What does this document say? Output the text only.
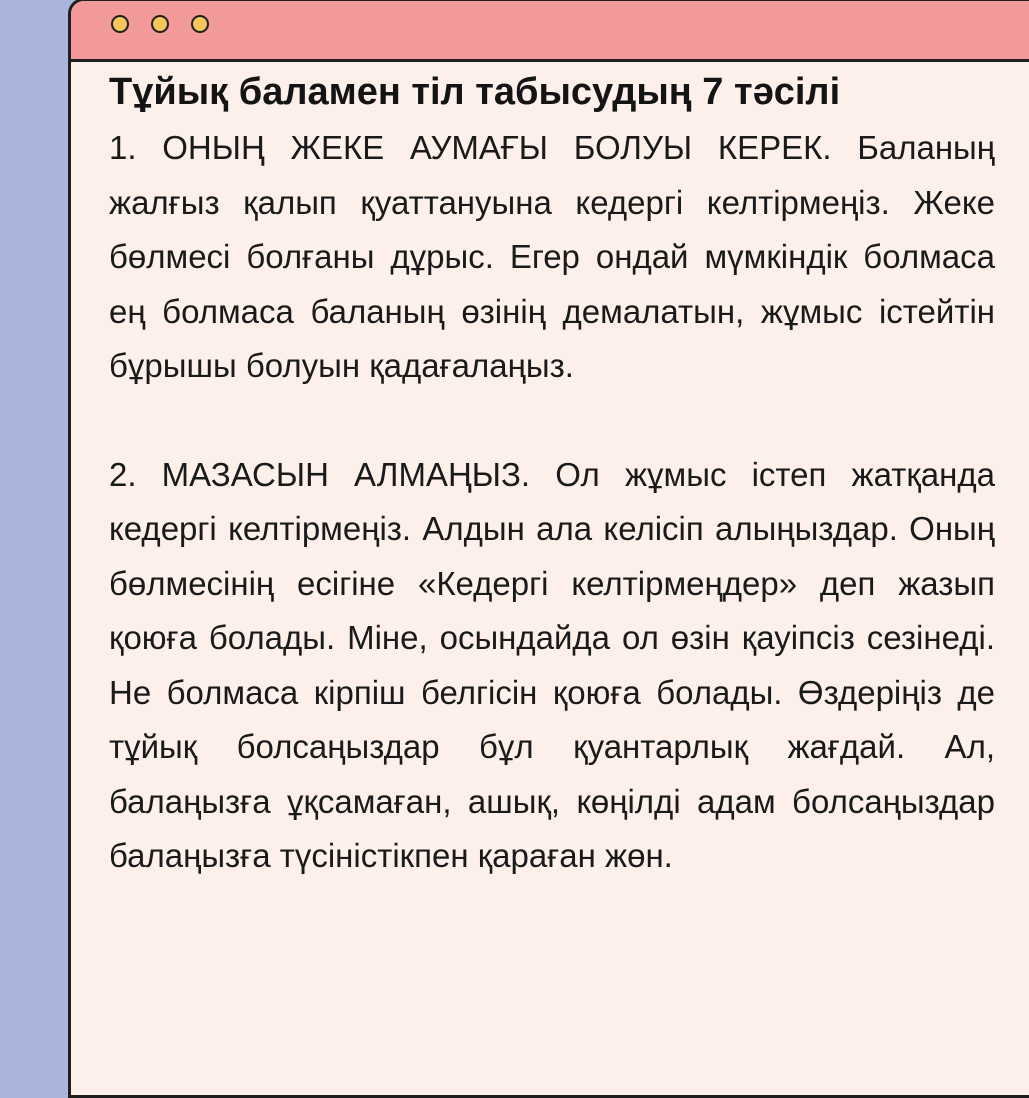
Тұйық баламен тіл табысудың 7 тәсілі

1. ОНЫҢ ЖЕКЕ АУМАҒЫ БОЛУЫ КЕРЕК. Баланың жалғыз қалып қуаттануына кедергі келтірмеңіз. Жеке бөлмесі болғаны дұрыс. Егер ондай мүмкіндік болмаса ең болмаса баланың өзінің демалатын, жұмыс істейтін бұрышы болуын қадағалаңыз.

2. МАЗАСЫН АЛМАҢЫЗ. Ол жұмыс істеп жатқанда кедергі келтірмеңіз. Алдын ала келісіп алыңыздар. Оның бөлмесінің есігіне «Кедергі келтірмеңдер» деп жазып қоюға болады. Міне, осындайда ол өзін қауіпсіз сезінеді. Не болмаса кірпіш белгісін қоюға болады. Өздеріңіз де тұйық болсаңыздар бұл қуантарлық жағдай. Ал, балаңызға ұқсамаған, ашық, көңілді адам болсаңыздар балаңызға түсіністікпен қараған жөн.
